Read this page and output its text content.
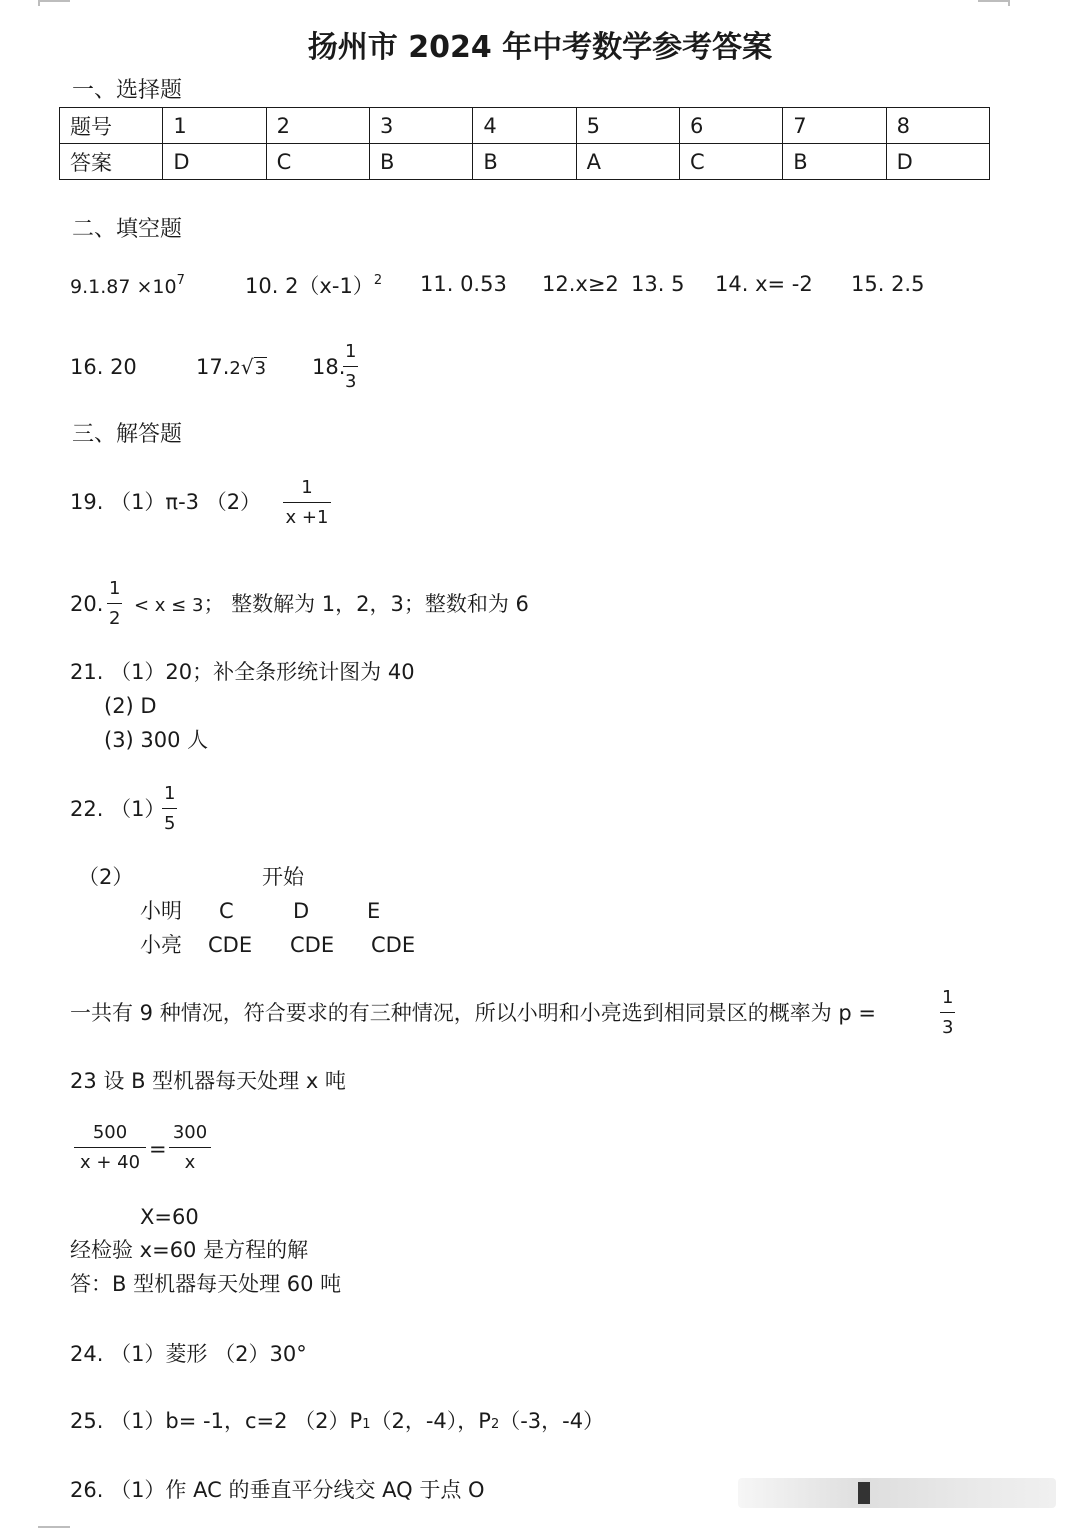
扬州市 2024 年中考数学参考答案
一、选择题
题号	1	2	3	4	5	6	7	8
答案	D	C	B	B	A	C	B	D
二、填空题
$9.1.87 \times 10^7$	10. $2(x-1)^2$ 11. 0.53 12.x≥2 13. 5 14. x= -2 15. 2.5
16. 20	17.2√3 18.
$\frac{1}{3}$
三、解答题
19. （1）π-3 $(2) \frac{1}{x +1}$
20. $\frac{1}{2} < x \le 3$； 整数解为 1，2，3；整数和为 6
21. （1）20；补全条形统计图为 40
(2) D
(3) 300 人
22. （1）
$\frac{1}{5}$
（2）	开始
小明 C	D	E
小亮 CDE CDE CDE
一共有 9 种情况，符合要求的有三种情况，所以小明和小亮选到相同景区的概率为 p =	$\frac{1}{3}$
23 设 B 型机器每天处理 x 吨
$\frac{500}{x + 40} = \frac{300}{x}$
X=60
经检验 x=60 是方程的解
答：B 型机器每天处理 60 吨
24. （1）菱形 （2）30°
25. （1）b= -1，c=2 （2）P1（2，-4），P2（-3，-4）
26. （1）作 AC 的垂直平分线交 AQ 于点 O
